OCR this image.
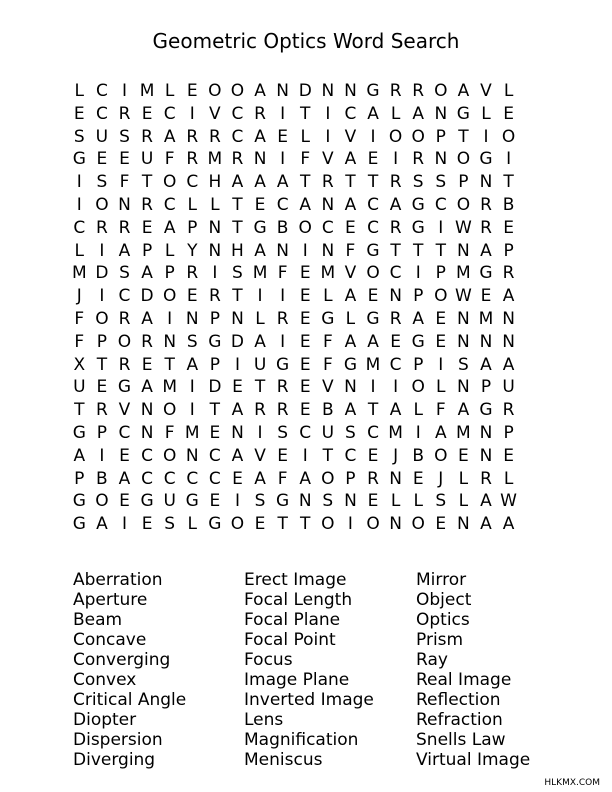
Geometric Optics Word Search
L C I M L E O O A N D N N G R R O A V L
E C R E C I V C R I T I C A L A N G L E
S U S R A R R C A E L I V I O O P T I O
G E E U F R M R N I F V A E I R N O G I
I S F T O C H A A A T R T T R S S P N T
I O N R C L L T E C A N A C A G C O R B
C R R E A P N T G B O C E C R G I W R E
L I A P L Y N H A N I N F G T T T N A P
M D S A P R I S M F E M V O C I P M G R
J	I C D O E R T I	I E L A E N P O W E A
F O R A I N P N L R E G L G R A E N M N
F P O R N S G D A I E F A A E G E N N N
X T R E T A P I U G E F G M C P I S A A
U E G A M I D E T R E V N I	I O L N P U
T R V N O I T A R R E B A T A L F A G R
G P C N F M E N I S C U S C M I A M N P
A I E C O N C A V E I T C E J B O E N E
P B A C C C C E A F A O P R N E J L R L
G O E G U G E I S G N S N E L L S L A W
G A I E S L G O E T T O I O N O E N A A
Aberration
Aperture
Beam
Concave
Converging
Convex
Critical Angle
Diopter
Dispersion
Diverging
Erect Image
Focal Length
Focal Plane
Focal Point
Focus
Image Plane
Inverted Image
Lens
Magnification
Meniscus
Mirror
Object
Optics
Prism
Ray
Real Image
Reflection
Refraction
Snells Law
Virtual Image
HLKMX.COM
